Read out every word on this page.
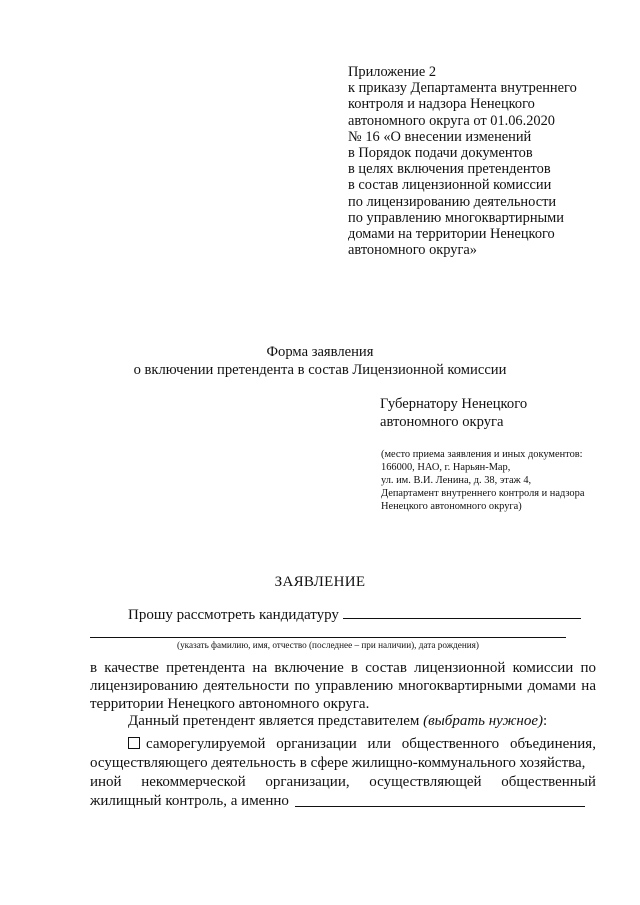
Приложение 2
к приказу Департамента внутреннего
контроля и надзора Ненецкого
автономного округа от 01.06.2020
№ 16 «О внесении изменений
в Порядок подачи документов
в целях включения претендентов
в состав лицензионной комиссии
по лицензированию деятельности
по управлению многоквартирными
домами на территории Ненецкого
автономного округа»
Форма заявления
о включении претендента в состав Лицензионной комиссии
Губернатору Ненецкого
автономного округа
(место приема заявления и иных документов:
166000, НАО, г. Нарьян-Мар,
ул. им. В.И. Ленина, д. 38, этаж 4,
Департамент внутреннего контроля и надзора
Ненецкого автономного округа)
ЗАЯВЛЕНИЕ
Прошу рассмотреть кандидатуру
(указать фамилию, имя, отчество (последнее – при наличии), дата рождения)
в качестве претендента на включение в состав лицензионной комиссии по
лицензированию деятельности по управлению многоквартирными домами на
территории Ненецкого автономного округа.
Данный претендент является представителем (выбрать нужное):
саморегулируемой организации или общественного объединения,
осуществляющего деятельность в сфере жилищно-коммунального хозяйства,
иной некоммерческой организации, осуществляющей общественный
жилищный контроль, а именно
